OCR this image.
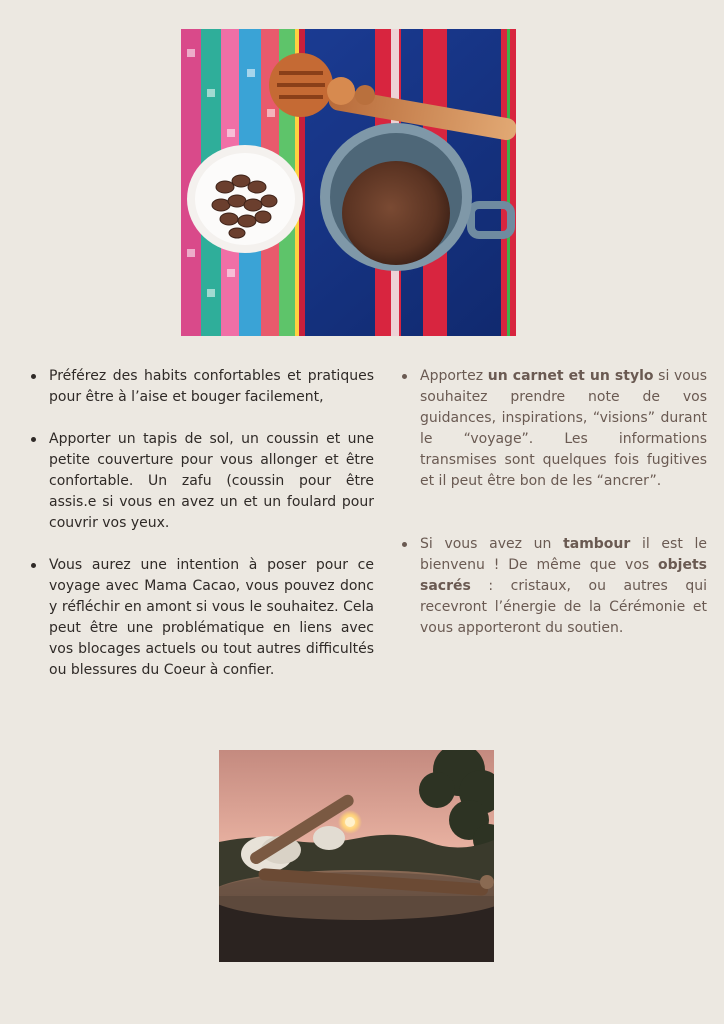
Préférez des habits confortables et pratiques pour être à l’aise et bouger facilement,
Apporter un tapis de sol, un coussin et une petite couverture pour vous allonger et être confortable. Un zafu (coussin pour être assis.e si vous en avez un et un foulard pour couvrir vos yeux.
Vous aurez une intention à poser pour ce voyage avec Mama Cacao, vous pouvez donc y réfléchir en amont si vous le souhaitez. Cela peut être une problématique en liens avec vos blocages actuels ou tout autres difficultés ou blessures du Coeur à confier.
Apportez un carnet et un stylo si vous souhaitez prendre note de vos guidances, inspirations, “visions” durant le “voyage”. Les informations transmises sont quelques fois fugitives et il peut être bon de les “ancrer”.
Si vous avez un tambour il est le bienvenu ! De même que vos objets sacrés : cristaux, ou autres qui recevront l’énergie de la Cérémonie et vous apporteront du soutien.
